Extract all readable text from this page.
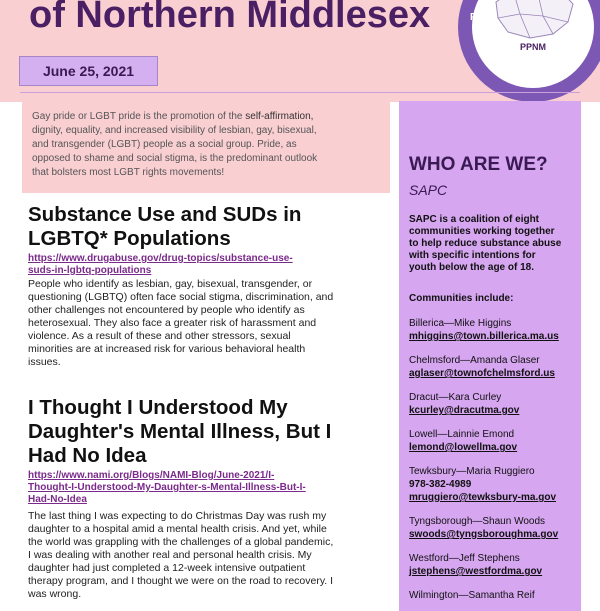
of Northern Middlesex
June 25, 2021
Northern Middlesex
P
PPNM
Gay pride or LGBT pride is the promotion of the self-affirmation,
dignity, equality, and increased visibility of lesbian, gay, bisexual,
and transgender (LGBT) people as a social group. Pride, as
opposed to shame and social stigma, is the predominant outlook
that bolsters most LGBT rights movements!
Substance Use and SUDs in
LGBTQ* Populations
https://www.drugabuse.gov/drug-topics/substance-use-
suds-in-lgbtq-populations
People who identify as lesbian, gay, bisexual, transgender, or
questioning (LGBTQ) often face social stigma, discrimination, and
other challenges not encountered by people who identify as
heterosexual. They also face a greater risk of harassment and
violence. As a result of these and other stressors, sexual
minorities are at increased risk for various behavioral health
issues.
I Thought I Understood My
Daughter's Mental Illness, But I
Had No Idea
https://www.nami.org/Blogs/NAMI-Blog/June-2021/I-
Thought-I-Understood-My-Daughter-s-Mental-Illness-But-I-
Had-No-Idea
The last thing I was expecting to do Christmas Day was rush my
daughter to a hospital amid a mental health crisis. And yet, while
the world was grappling with the challenges of a global pandemic,
I was dealing with another real and personal health crisis. My
daughter had just completed a 12-week intensive outpatient
therapy program, and I thought we were on the road to recovery. I
was wrong.
WHO ARE WE?
SAPC
SAPC is a coalition of eight
communities working together
to help reduce substance abuse
with specific intentions for
youth below the age of 18.
Communities include:
Billerica—Mike Higgins
mhiggins@town.billerica.ma.us
Chelmsford—Amanda Glaser
aglaser@townofchelmsford.us
Dracut—Kara Curley
kcurley@dracutma.gov
Lowell—Lainnie Emond
lemond@lowellma.gov
Tewksbury—Maria Ruggiero
978-382-4989
mruggiero@tewksbury-ma.gov
Tyngsborough—Shaun Woods
swoods@tyngsboroughma.gov
Westford—Jeff Stephens
jstephens@westfordma.gov
Wilmington—Samantha Reif
